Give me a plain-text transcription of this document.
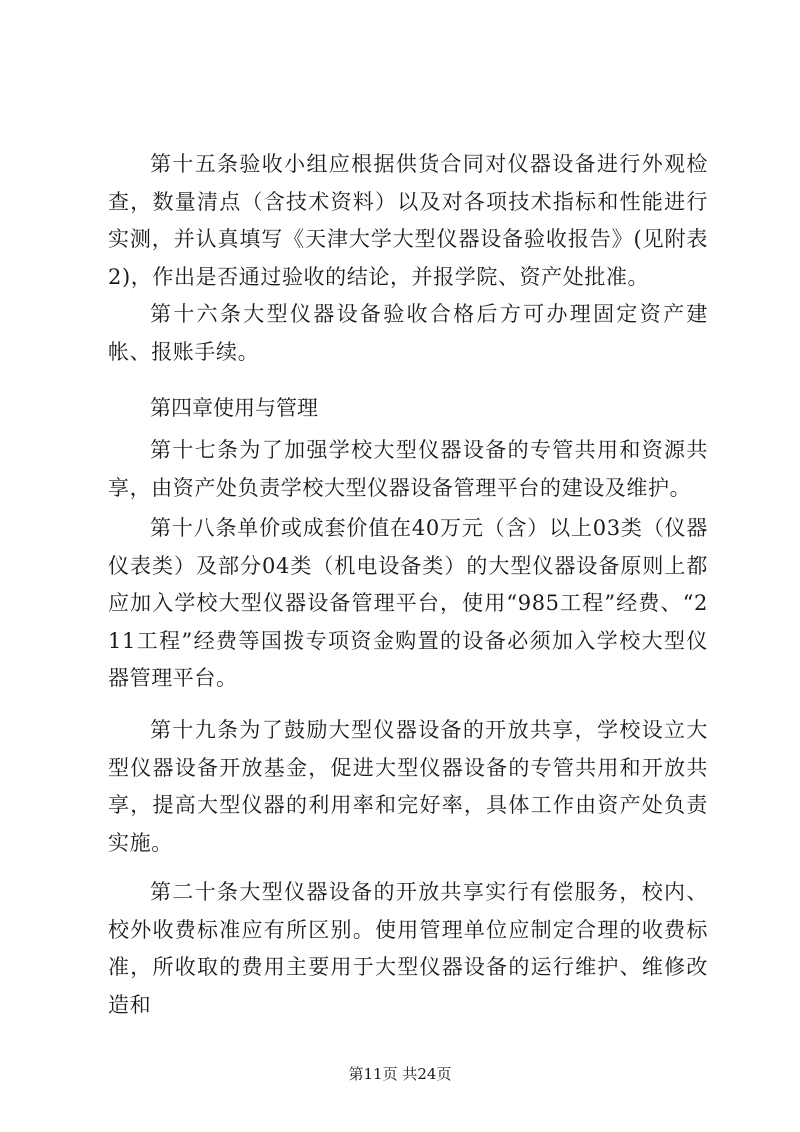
第十五条验收小组应根据供货合同对仪器设备进行外观检查，数量清点（含技术资料）以及对各项技术指标和性能进行实测，并认真填写《天津大学大型仪器设备验收报告》(见附表2)，作出是否通过验收的结论，并报学院、资产处批准。

第十六条大型仪器设备验收合格后方可办理固定资产建帐、报账手续。

第四章使用与管理

第十七条为了加强学校大型仪器设备的专管共用和资源共享，由资产处负责学校大型仪器设备管理平台的建设及维护。

第十八条单价或成套价值在40万元（含）以上03类（仪器仪表类）及部分04类（机电设备类）的大型仪器设备原则上都应加入学校大型仪器设备管理平台，使用“985工程”经费、“211工程”经费等国拨专项资金购置的设备必须加入学校大型仪器管理平台。

第十九条为了鼓励大型仪器设备的开放共享，学校设立大型仪器设备开放基金，促进大型仪器设备的专管共用和开放共享，提高大型仪器的利用率和完好率，具体工作由资产处负责实施。

第二十条大型仪器设备的开放共享实行有偿服务，校内、校外收费标准应有所区别。使用管理单位应制定合理的收费标准，所收取的费用主要用于大型仪器设备的运行维护、维修改造和

第11页 共24页
